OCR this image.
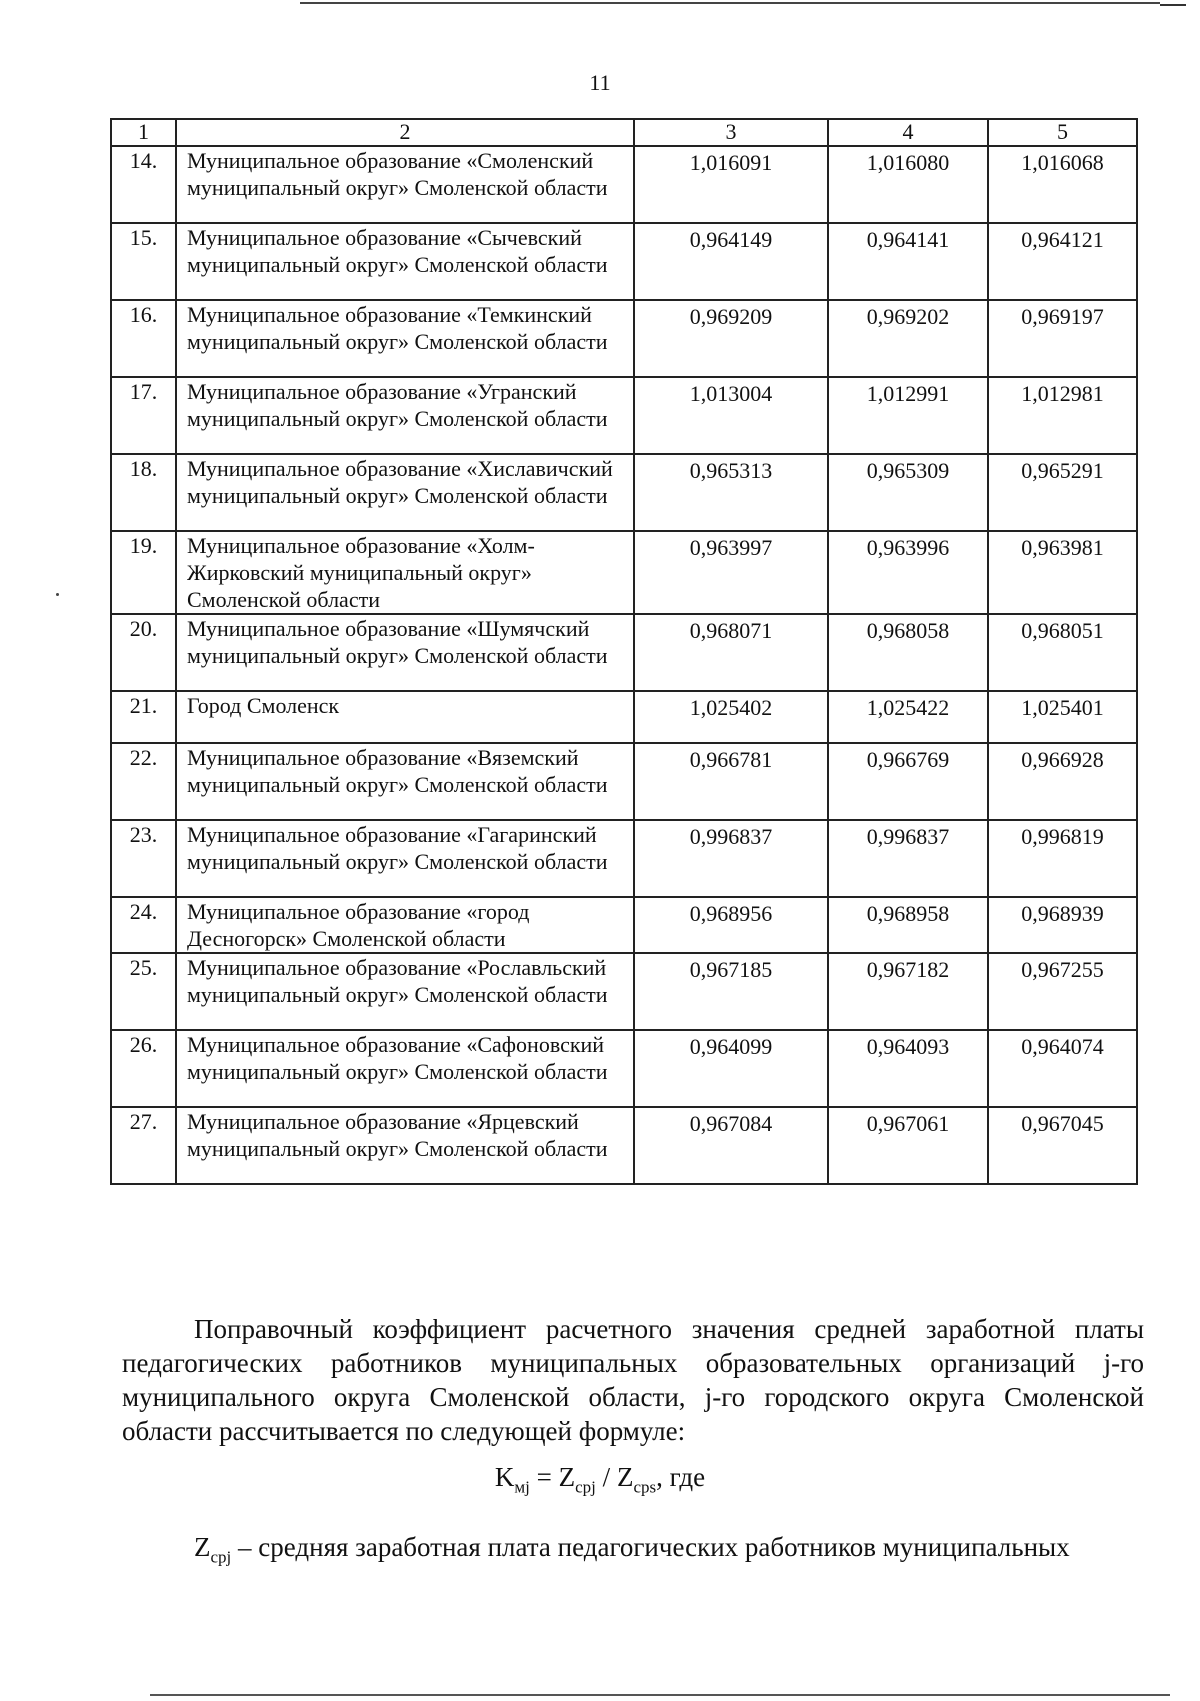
11
1	2	3	4	5
14.	Муниципальное образование «Смоленский муниципальный округ» Смоленской области	1,016091	1,016080	1,016068
15.	Муниципальное образование «Сычевский муниципальный округ» Смоленской области	0,964149	0,964141	0,964121
16.	Муниципальное образование «Темкинский муниципальный округ» Смоленской области	0,969209	0,969202	0,969197
17.	Муниципальное образование «Угранский муниципальный округ» Смоленской области	1,013004	1,012991	1,012981
18.	Муниципальное образование «Хиславичский муниципальный округ» Смоленской области	0,965313	0,965309	0,965291
19.	Муниципальное образование «Холм-Жирковский муниципальный округ» Смоленской области	0,963997	0,963996	0,963981
20.	Муниципальное образование «Шумячский муниципальный округ» Смоленской области	0,968071	0,968058	0,968051
21.	Город Смоленск	1,025402	1,025422	1,025401
22.	Муниципальное образование «Вяземский муниципальный округ» Смоленской области	0,966781	0,966769	0,966928
23.	Муниципальное образование «Гагаринский муниципальный округ» Смоленской области	0,996837	0,996837	0,996819
24.	Муниципальное образование «город Десногорск» Смоленской области	0,968956	0,968958	0,968939
25.	Муниципальное образование «Рославльский муниципальный округ» Смоленской области	0,967185	0,967182	0,967255
26.	Муниципальное образование «Сафоновский муниципальный округ» Смоленской области	0,964099	0,964093	0,964074
27.	Муниципальное образование «Ярцевский муниципальный округ» Смоленской области	0,967084	0,967061	0,967045
Поправочный коэффициент расчетного значения средней заработной платы педагогических работников муниципальных образовательных организаций j-го муниципального округа Смоленской области, j-го городского округа Смоленской области рассчитывается по следующей формуле:
$K_{мj} = Z_{cрj} / Z_{cрs}$, где
$Z_{cрj}$ – средняя заработная плата педагогических работников муниципальных
